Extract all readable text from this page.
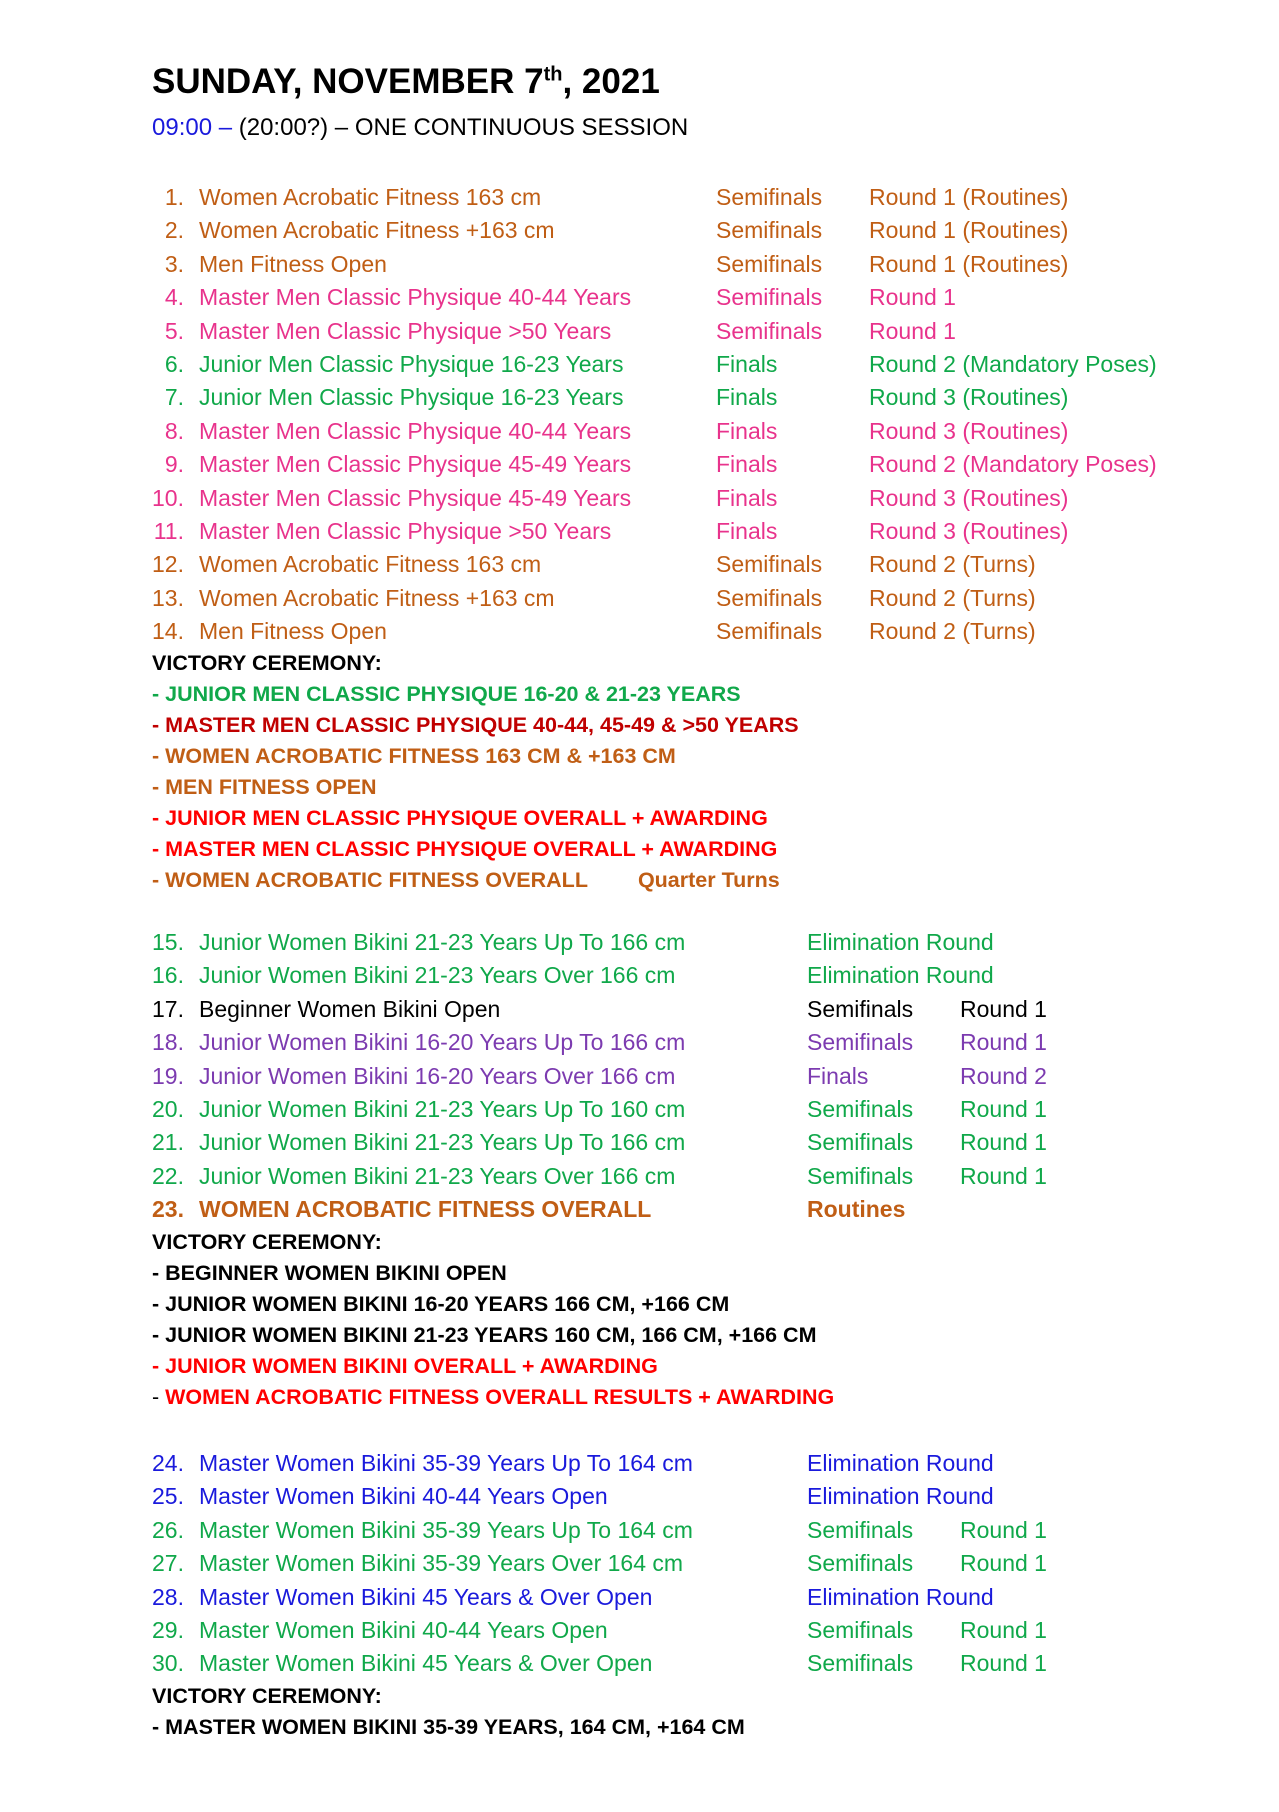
SUNDAY, NOVEMBER 7th, 2021
09:00 – (20:00?) – ONE CONTINUOUS SESSION
1. Women Acrobatic Fitness 163 cm	Semifinals Round 1 (Routines)
2. Women Acrobatic Fitness +163 cm	Semifinals Round 1 (Routines)
3. Men Fitness Open	Semifinals Round 1 (Routines)
4. Master Men Classic Physique 40-44 Years	Semifinals Round 1
5. Master Men Classic Physique >50 Years	Semifinals Round 1
6. Junior Men Classic Physique 16-23 Years	Finals	Round 2 (Mandatory Poses)
7. Junior Men Classic Physique 16-23 Years	Finals	Round 3 (Routines)
8. Master Men Classic Physique 40-44 Years	Finals	Round 3 (Routines)
9. Master Men Classic Physique 45-49 Years	Finals	Round 2 (Mandatory Poses)
10. Master Men Classic Physique 45-49 Years	Finals	Round 3 (Routines)
11. Master Men Classic Physique >50 Years	Finals	Round 3 (Routines)
12. Women Acrobatic Fitness 163 cm	Semifinals Round 2 (Turns)
13. Women Acrobatic Fitness +163 cm	Semifinals Round 2 (Turns)
14. Men Fitness Open	Semifinals Round 2 (Turns)
VICTORY CEREMONY:
- JUNIOR MEN CLASSIC PHYSIQUE 16-20 & 21-23 YEARS
- MASTER MEN CLASSIC PHYSIQUE 40-44, 45-49 & >50 YEARS
- WOMEN ACROBATIC FITNESS 163 CM & +163 CM
- MEN FITNESS OPEN
- JUNIOR MEN CLASSIC PHYSIQUE OVERALL + AWARDING
- MASTER MEN CLASSIC PHYSIQUE OVERALL + AWARDING
- WOMEN ACROBATIC FITNESS OVERALL Quarter Turns
15. Junior Women Bikini 21-23 Years Up To 166 cm	Elimination Round
16. Junior Women Bikini 21-23 Years Over 166 cm	Elimination Round
17. Beginner Women Bikini Open	Semifinals Round 1
18. Junior Women Bikini 16-20 Years Up To 166 cm	Semifinals Round 1
19. Junior Women Bikini 16-20 Years Over 166 cm	Finals	Round 2
20. Junior Women Bikini 21-23 Years Up To 160 cm	Semifinals Round 1
21. Junior Women Bikini 21-23 Years Up To 166 cm	Semifinals Round 1
22. Junior Women Bikini 21-23 Years Over 166 cm	Semifinals Round 1
23. WOMEN ACROBATIC FITNESS OVERALL	Routines
VICTORY CEREMONY:
- BEGINNER WOMEN BIKINI OPEN
- JUNIOR WOMEN BIKINI 16-20 YEARS 166 CM, +166 CM
- JUNIOR WOMEN BIKINI 21-23 YEARS 160 CM, 166 CM, +166 CM
- JUNIOR WOMEN BIKINI OVERALL + AWARDING
- WOMEN ACROBATIC FITNESS OVERALL RESULTS + AWARDING
24. Master Women Bikini 35-39 Years Up To 164 cm	Elimination Round
25. Master Women Bikini 40-44 Years Open	Elimination Round
26. Master Women Bikini 35-39 Years Up To 164 cm	Semifinals Round 1
27. Master Women Bikini 35-39 Years Over 164 cm	Semifinals Round 1
28. Master Women Bikini 45 Years & Over Open	Elimination Round
29. Master Women Bikini 40-44 Years Open	Semifinals Round 1
30. Master Women Bikini 45 Years & Over Open	Semifinals Round 1
VICTORY CEREMONY:
- MASTER WOMEN BIKINI 35-39 YEARS, 164 CM, +164 CM
